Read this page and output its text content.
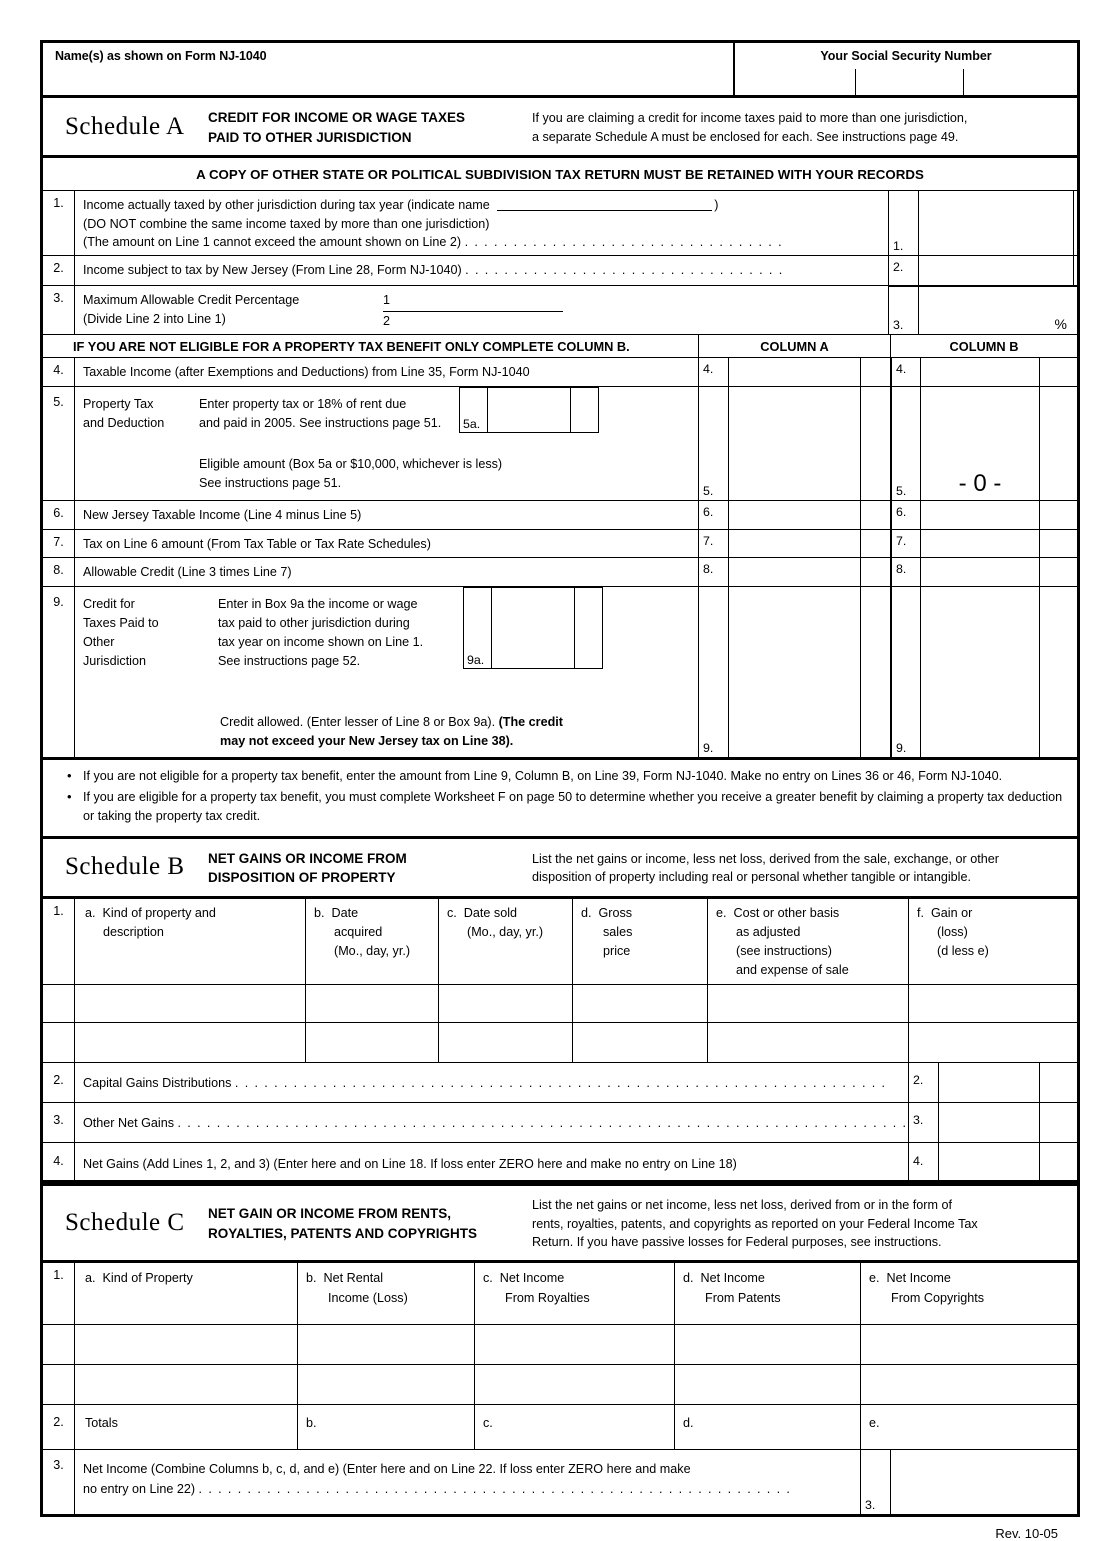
Name(s) as shown on Form NJ-1040	Your Social Security Number
Schedule A	CREDIT FOR INCOME OR WAGE TAXES
PAID TO OTHER JURISDICTION
If you are claiming a credit for income taxes paid to more than one jurisdiction,
a separate Schedule A must be enclosed for each. See instructions page 49.
A COPY OF OTHER STATE OR POLITICAL SUBDIVISION TAX RETURN MUST BE RETAINED WITH YOUR RECORDS
1.	Income actually taxed by other jurisdiction during tax year (indicate name	)
(DO NOT combine the same income taxed by more than one jurisdiction)
(The amount on Line 1 cannot exceed the amount shown on Line 2) . . . . . . . . . . . . . . . . . . . . . . . . . . . . . . . . .	1.
2.	Income subject to tax by New Jersey (From Line 28, Form NJ-1040) . . . . . . . . . . . . . . . . . . . . . . . . . . . . . . . . .	2.
3.	Maximum Allowable Credit Percentage
(Divide Line 2 into Line 1)
1
2	3.	%
IF YOU ARE NOT ELIGIBLE FOR A PROPERTY TAX BENEFIT ONLY COMPLETE COLUMN B.	COLUMN A	COLUMN B
4.	Taxable Income (after Exemptions and Deductions) from Line 35, Form NJ-1040	4.	4.
5.	Property Tax
and Deduction
Enter property tax or 18% of rent due
and paid in 2005. See instructions page 51.	5a.
Eligible amount (Box 5a or $10,000, whichever is less)
See instructions page 51.
5.	5. - 0 -
6.	New Jersey Taxable Income (Line 4 minus Line 5)	6.	6.
7.	Tax on Line 6 amount (From Tax Table or Tax Rate Schedules)	7.	7.
8.	Allowable Credit (Line 3 times Line 7)	8.	8.
9.	Credit for
Taxes Paid to
Other
Jurisdiction
Enter in Box 9a the income or wage
tax paid to other jurisdiction during
tax year on income shown on Line 1.
See instructions page 52.	9a.
Credit allowed. (Enter lesser of Line 8 or Box 9a). (The credit
may not exceed your New Jersey tax on Line 38).	9.	9.

• If you are not eligible for a property tax benefit, enter the amount from Line 9, Column B, on Line 39, Form NJ-1040. Make no entry on Lines 36 or 46, Form NJ-1040.

• If you are eligible for a property tax benefit, you must complete Worksheet F on page 50 to determine whether you receive a greater benefit by claiming a property tax deduction or taking the property tax credit.

Schedule B	NET GAINS OR INCOME FROM
DISPOSITION OF PROPERTY
List the net gains or income, less net loss, derived from the sale, exchange, or other
disposition of property including real or personal whether tangible or intangible.
1.	a. Kind of property and
description
b. Date
acquired
(Mo., day, yr.)
c. Date sold
(Mo., day, yr.)
d. Gross
sales
price
e. Cost or other basis
as adjusted
(see instructions)
and expense of sale
f. Gain or
(loss)
(d less e)
2.	Capital Gains Distributions . . . . . . . . . . . . . . . . . . . . . . . . . . . . . . . . . . . . . . . . . . . . . . . . . . . . . . . . . . . . . . . . . . .	2.
3.	Other Net Gains . . . . . . . . . . . . . . . . . . . . . . . . . . . . . . . . . . . . . . . . . . . . . . . . . . . . . . . . . . . . . . . . . . . . . . . . . . . 3.
4.	Net Gains (Add Lines 1, 2, and 3) (Enter here and on Line 18. If loss enter ZERO here and make no entry on Line 18)	4.
Schedule C	NET GAIN OR INCOME FROM RENTS,
ROYALTIES, PATENTS AND COPYRIGHTS
List the net gains or net income, less net loss, derived from or in the form of
rents, royalties, patents, and copyrights as reported on your Federal Income Tax
Return. If you have passive losses for Federal purposes, see instructions.
1.	a. Kind of Property	b. Net Rental
Income (Loss)
c. Net Income
From Royalties
d. Net Income
From Patents
e. Net Income
From Copyrights
2.	Totals	b.	c.	d.	e.
3.	Net Income (Combine Columns b, c, d, and e) (Enter here and on Line 22. If loss enter ZERO here and make
no entry on Line 22) . . . . . . . . . . . . . . . . . . . . . . . . . . . . . . . . . . . . . . . . . . . . . . . . . . . . . . . . . . . . .
3.
Rev. 10-05
